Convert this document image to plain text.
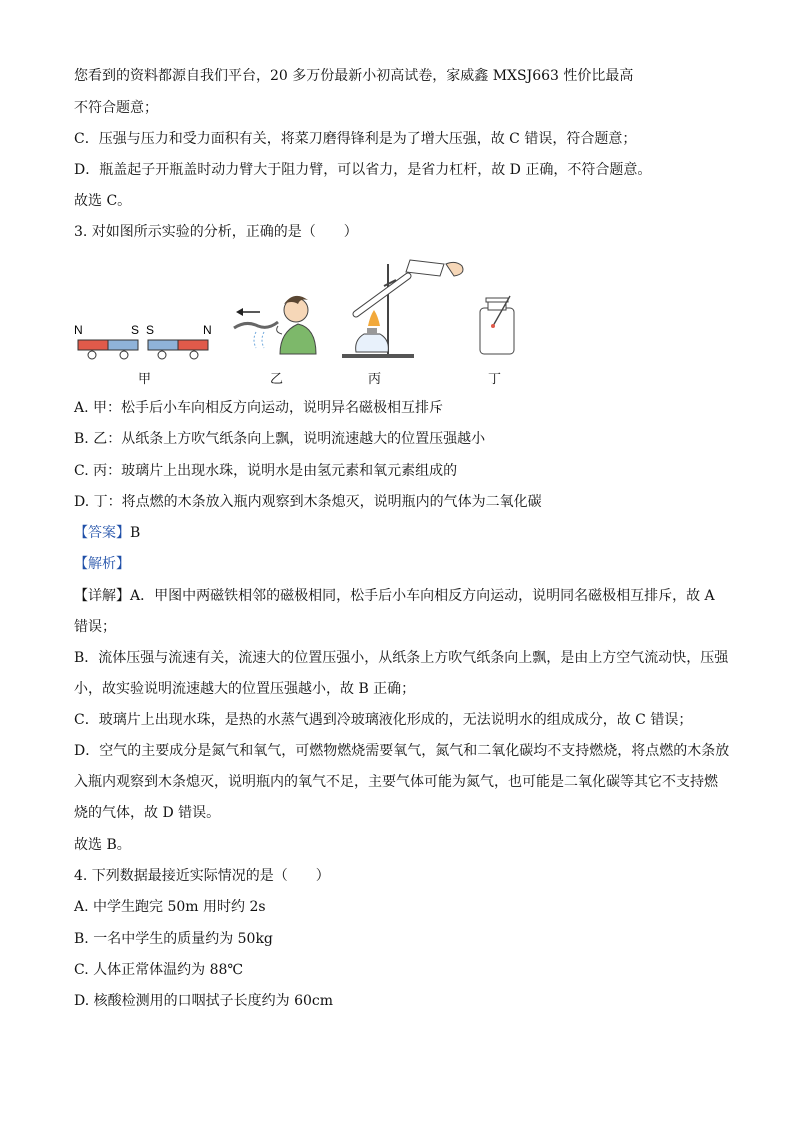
您看到的资料都源自我们平台，20 多万份最新小初高试卷，家威鑫 MXSJ663 性价比最高
不符合题意；
C．压强与压力和受力面积有关，将菜刀磨得锋利是为了增大压强，故 C 错误，符合题意；
D．瓶盖起子开瓶盖时动力臂大于阻力臂，可以省力，是省力杠杆，故 D 正确，不符合题意。
故选 C。
3. 对如图所示实验的分析，正确的是（　　）
N	S S	N
甲	乙	丙	丁
A. 甲：松手后小车向相反方向运动，说明异名磁极相互排斥
B. 乙：从纸条上方吹气纸条向上飘，说明流速越大的位置压强越小
C. 丙：玻璃片上出现水珠，说明水是由氢元素和氧元素组成的
D. 丁：将点燃的木条放入瓶内观察到木条熄灭，说明瓶内的气体为二氧化碳
【答案】B
【解析】
【详解】A．甲图中两磁铁相邻的磁极相同，松手后小车向相反方向运动，说明同名磁极相互排斥，故 A
错误；
B．流体压强与流速有关，流速大的位置压强小，从纸条上方吹气纸条向上飘，是由上方空气流动快，压强
小，故实验说明流速越大的位置压强越小，故 B 正确；
C．玻璃片上出现水珠，是热的水蒸气遇到冷玻璃液化形成的，无法说明水的组成成分，故 C 错误；
D．空气的主要成分是氮气和氧气，可燃物燃烧需要氧气，氮气和二氧化碳均不支持燃烧，将点燃的木条放
入瓶内观察到木条熄灭，说明瓶内的氧气不足，主要气体可能为氮气，也可能是二氧化碳等其它不支持燃
烧的气体，故 D 错误。
故选 B。
4. 下列数据最接近实际情况的是（　　）
A. 中学生跑完 50m 用时约 2s
B. 一名中学生的质量约为 50kg
C. 人体正常体温约为 88℃
D. 核酸检测用的口咽拭子长度约为 60cm
